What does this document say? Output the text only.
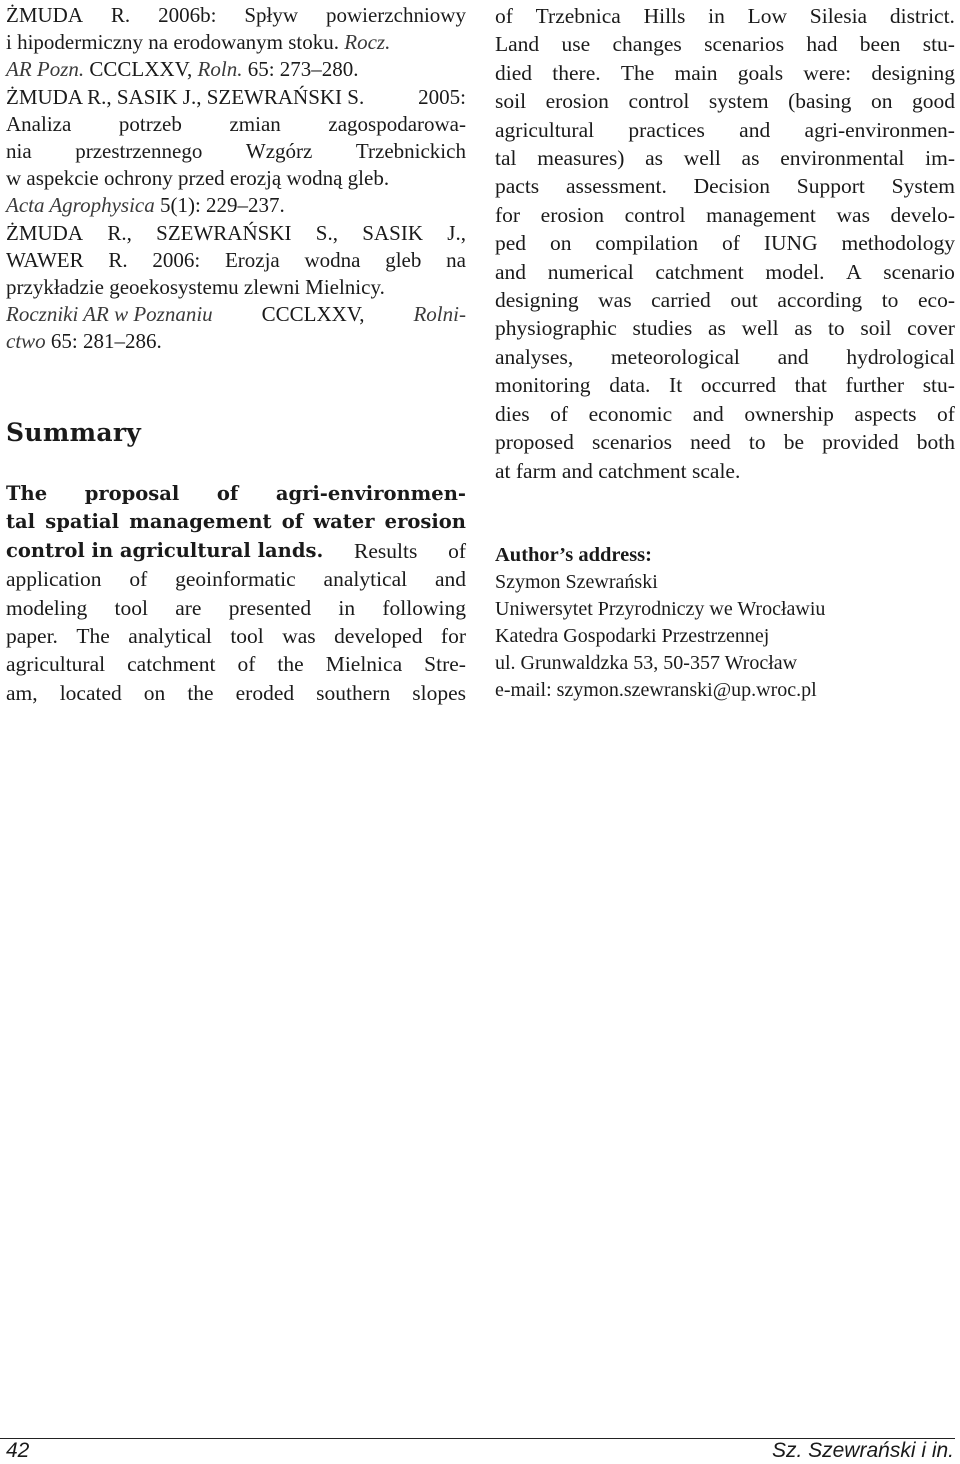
ŻMUDA R. 2006b: Spływ powierzchniowy

i hipodermiczny na erodowanym stoku. Rocz.

AR Pozn. CCCLXXV, Roln. 65: 273–280.

ŻMUDA R., SASIK J., SZEWRAŃSKI S.	2005:

Analiza potrzeb zmian zagospodarowa-

nia przestrzennego Wzgórz Trzebnickich

w aspekcie ochrony przed erozją wodną gleb.

Acta Agrophysica 5(1): 229–237.

ŻMUDA R., SZEWRAŃSKI S., SASIK J.,

WAWER R. 2006: Erozja wodna gleb na

przykładzie geoekosystemu zlewni Mielnicy.

Roczniki AR w Poznaniu CCCLXXV, Rolni-

ctwo 65: 281–286.

Summary

The proposal of agri-environmen-

tal spatial management of water erosion

control in agricultural lands. Results of

application of geoinformatic analytical and

modeling tool are presented in following

paper. The analytical tool was developed for

agricultural catchment of the Mielnica Stre-

am, located on the eroded southern slopes

of Trzebnica Hills in Low Silesia district.

Land use changes scenarios had been stu-

died there. The main goals were: designing

soil erosion control system (basing on good

agricultural practices and agri-environmen-

tal measures) as well as environmental im-

pacts assessment. Decision Support System

for erosion control management was develo-

ped on compilation of IUNG methodology

and numerical catchment model. A scenario

designing was carried out according to eco-

physiographic studies as well as to soil cover

analyses, meteorological and hydrological

monitoring data. It occurred that further stu-

dies of economic and ownership aspects of

proposed scenarios need to be provided both

at farm and catchment scale.

Author’s address:

Szymon Szewrański

Uniwersytet Przyrodniczy we Wrocławiu

Katedra Gospodarki Przestrzennej

ul. Grunwaldzka 53, 50-357 Wrocław

e-mail: szymon.szewranski@up.wroc.pl

42	Sz. Szewrański i in.
